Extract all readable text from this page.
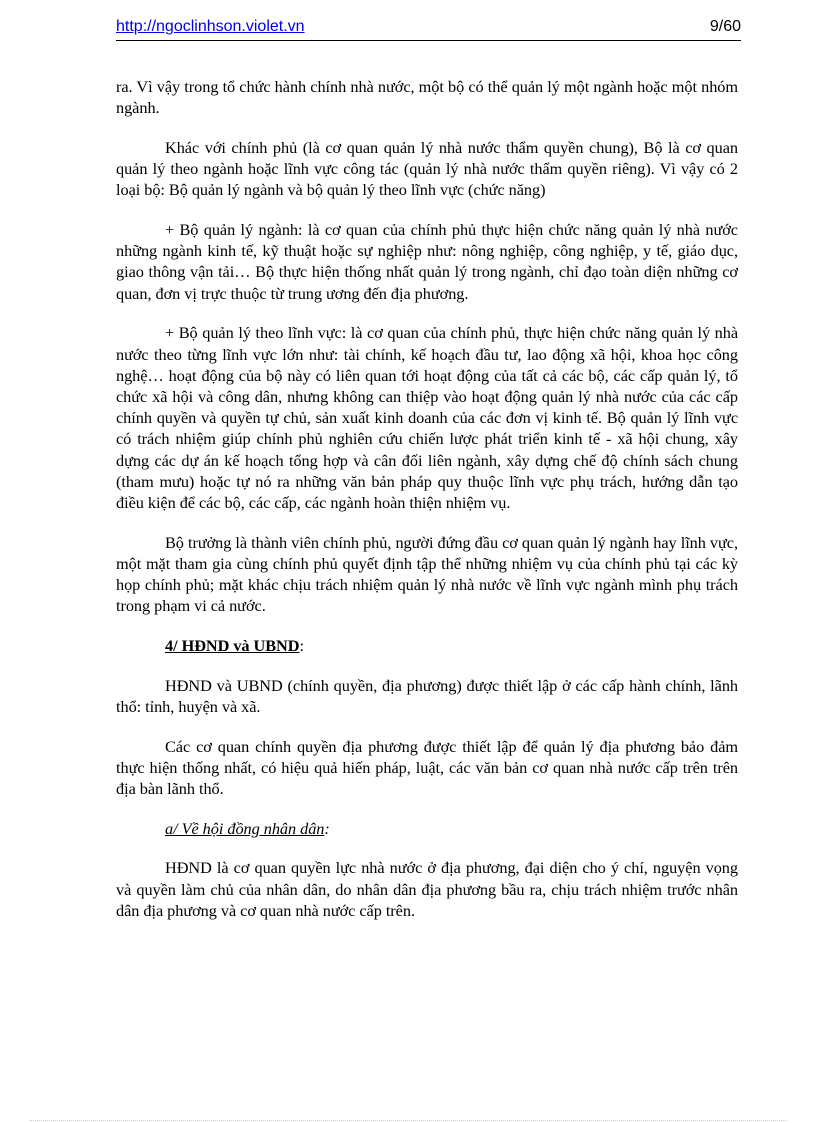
http://ngoclinhson.violet.vn	9/60

ra. Vì vậy trong tổ chức hành chính nhà nước, một bộ có thể quản lý một ngành hoặc một nhóm ngành.

Khác với chính phủ (là cơ quan quản lý nhà nước thẩm quyền chung), Bộ là cơ quan quản lý theo ngành hoặc lĩnh vực công tác (quản lý nhà nước thẩm quyền riêng). Vì vậy có 2 loại bộ: Bộ quản lý ngành và bộ quản lý theo lĩnh vực (chức năng)

+ Bộ quản lý ngành: là cơ quan của chính phủ thực hiện chức năng quản lý nhà nước những ngành kinh tế, kỹ thuật hoặc sự nghiệp như: nông nghiệp, công nghiệp, y tế, giáo dục, giao thông vận tải… Bộ thực hiện thống nhất quản lý trong ngành, chỉ đạo toàn diện những cơ quan, đơn vị trực thuộc từ trung ương đến địa phương.

+ Bộ quản lý theo lĩnh vực: là cơ quan của chính phủ, thực hiện chức năng quản lý nhà nước theo từng lĩnh vực lớn như: tài chính, kế hoạch đầu tư, lao động xã hội, khoa học công nghệ… hoạt động của bộ này có liên quan tới hoạt động của tất cả các bộ, các cấp quản lý, tổ chức xã hội và công dân, nhưng không can thiệp vào hoạt động quản lý nhà nước của các cấp chính quyền và quyền tự chủ, sản xuất kinh doanh của các đơn vị kinh tế. Bộ quản lý lĩnh vực có trách nhiệm giúp chính phủ nghiên cứu chiến lược phát triển kinh tế - xã hội chung, xây dựng các dự án kế hoạch tổng hợp và cân đối liên ngành, xây dựng chế độ chính sách chung (tham mưu) hoặc tự nó ra những văn bản pháp quy thuộc lĩnh vực phụ trách, hướng dẫn tạo điều kiện để các bộ, các cấp, các ngành hoàn thiện nhiệm vụ.

Bộ trưởng là thành viên chính phủ, người đứng đầu cơ quan quản lý ngành hay lĩnh vực, một mặt tham gia cùng chính phủ quyết định tập thể những nhiệm vụ của chính phủ tại các kỳ họp chính phủ; mặt khác chịu trách nhiệm quản lý nhà nước về lĩnh vực ngành mình phụ trách trong phạm vi cả nước.

4/ HĐND và UBND:

HĐND và UBND (chính quyền, địa phương) được thiết lập ở các cấp hành chính, lãnh thổ: tỉnh, huyện và xã.

Các cơ quan chính quyền địa phương được thiết lập để quản lý địa phương bảo đảm thực hiện thống nhất, có hiệu quả hiến pháp, luật, các văn bản cơ quan nhà nước cấp trên trên địa bàn lãnh thổ.

a/ Về hội đồng nhân dân:

HĐND là cơ quan quyền lực nhà nước ở địa phương, đại diện cho ý chí, nguyện vọng và quyền làm chủ của nhân dân, do nhân dân địa phương bầu ra, chịu trách nhiệm trước nhân dân địa phương và cơ quan nhà nước cấp trên.
